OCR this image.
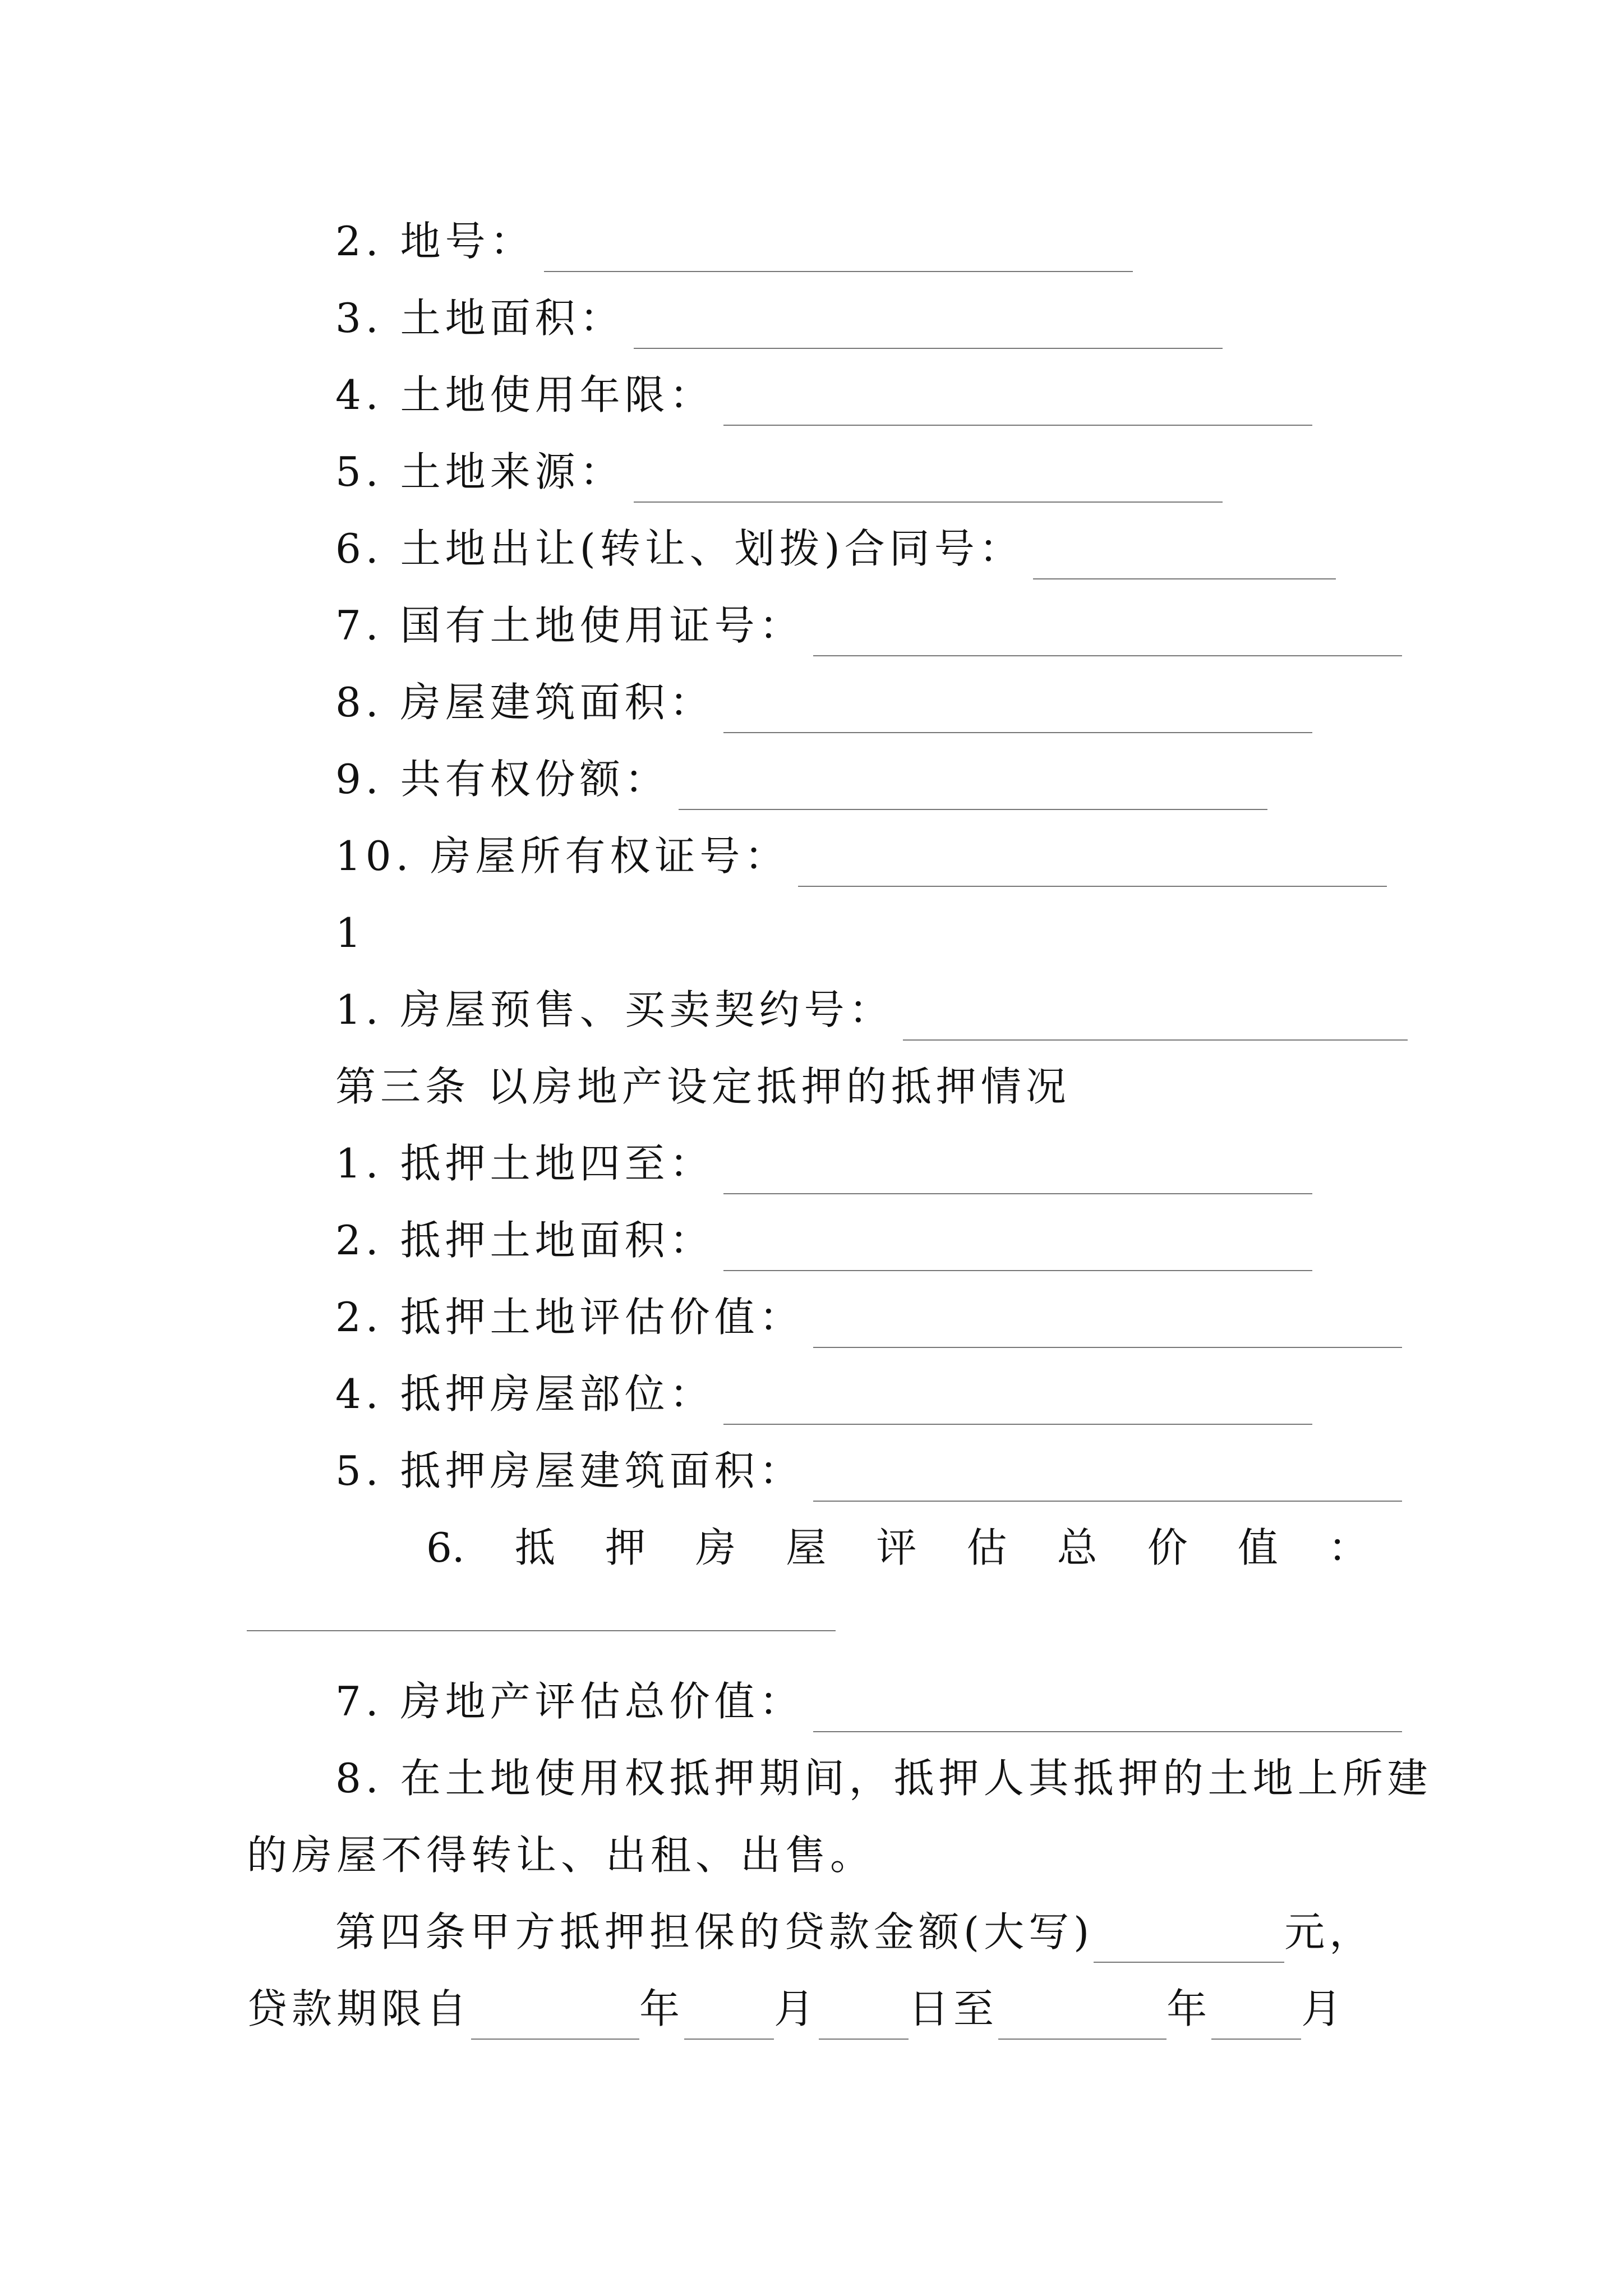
2. 地号：
3. 土地面积：
4. 土地使用年限：
5. 土地来源：
6. 土地出让(转让、划拨)合同号：
7. 国有土地使用证号：
8. 房屋建筑面积：
9. 共有权份额：
10. 房屋所有权证号：
1
1. 房屋预售、买卖契约号：
第三条 以房地产设定抵押的抵押情况
1. 抵押土地四至：
2. 抵押土地面积：
2. 抵押土地评估价值：
4. 抵押房屋部位：
5. 抵押房屋建筑面积：
6. 抵 押 房 屋 评 估 总 价 值 ：
7. 房地产评估总价值：
8. 在土地使用权抵押期间，抵押人其抵押的土地上所建
的房屋不得转让、出租、出售。
第四条甲方抵押担保的贷款金额(大写)	元，
贷款期限自	年 月 日至	年 月
